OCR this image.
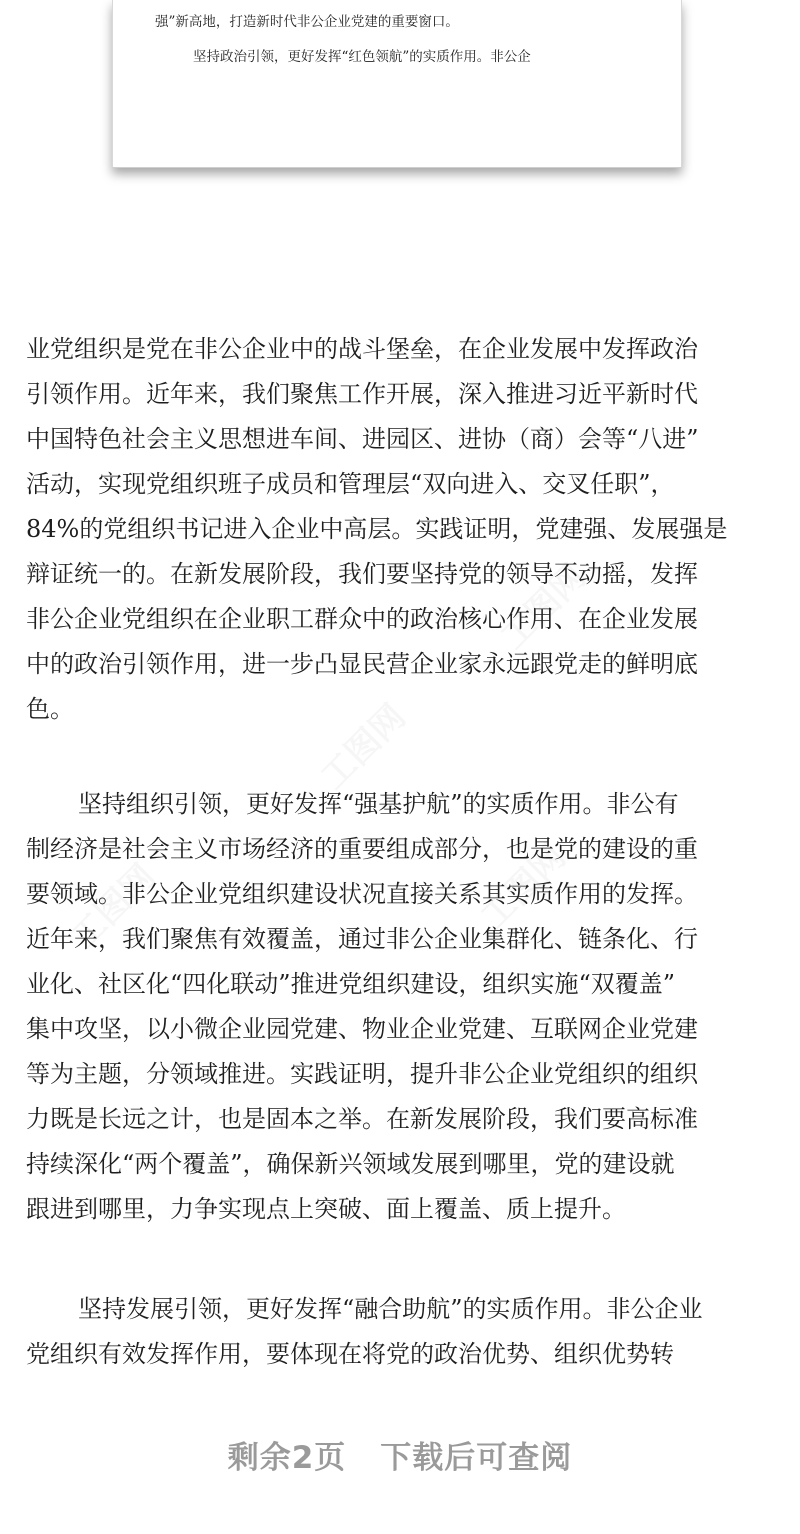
强”新高地，打造新时代非公企业党建的重要窗口。
坚持政治引领，更好发挥“红色领航”的实质作用。非公企
业党组织是党在非公企业中的战斗堡垒，在企业发展中发挥政治
引领作用。近年来，我们聚焦工作开展，深入推进习近平新时代
中国特色社会主义思想进车间、进园区、进协（商）会等“八进”
活动，实现党组织班子成员和管理层“双向进入、交叉任职”，
84%的党组织书记进入企业中高层。实践证明，党建强、发展强是
辩证统一的。在新发展阶段，我们要坚持党的领导不动摇，发挥
非公企业党组织在企业职工群众中的政治核心作用、在企业发展
中的政治引领作用，进一步凸显民营企业家永远跟党走的鲜明底
色。
坚持组织引领，更好发挥“强基护航”的实质作用。非公有
制经济是社会主义市场经济的重要组成部分，也是党的建设的重
要领域。非公企业党组织建设状况直接关系其实质作用的发挥。
近年来，我们聚焦有效覆盖，通过非公企业集群化、链条化、行
业化、社区化“四化联动”推进党组织建设，组织实施“双覆盖”
集中攻坚，以小微企业园党建、物业企业党建、互联网企业党建
等为主题，分领域推进。实践证明，提升非公企业党组织的组织
力既是长远之计，也是固本之举。在新发展阶段，我们要高标准
持续深化“两个覆盖”，确保新兴领域发展到哪里，党的建设就
跟进到哪里，力争实现点上突破、面上覆盖、质上提升。
坚持发展引领，更好发挥“融合助航”的实质作用。非公企业
党组织有效发挥作用，要体现在将党的政治优势、组织优势转
剩余2页 下载后可查阅
